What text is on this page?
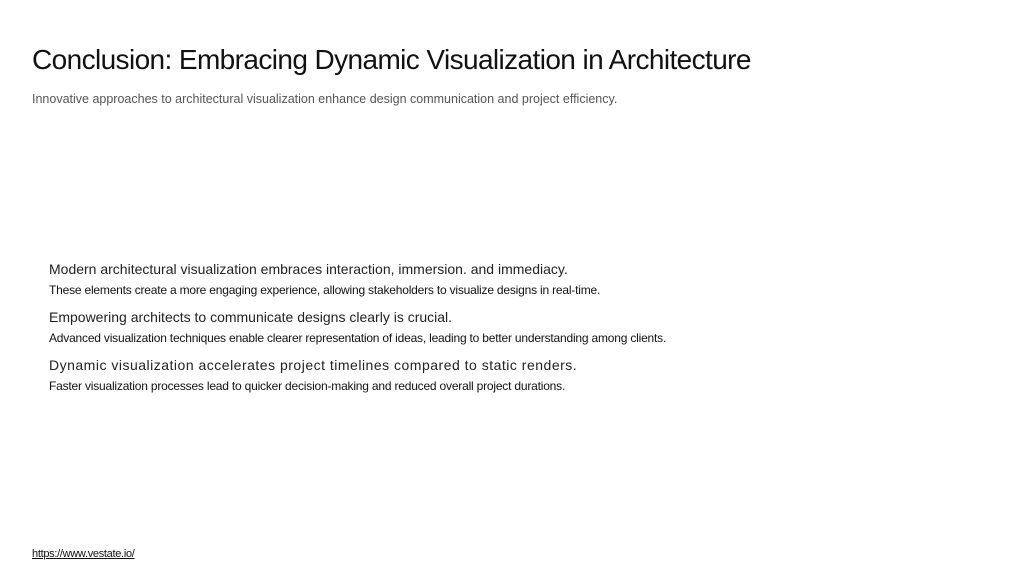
Conclusion: Embracing Dynamic Visualization in Architecture

Innovative approaches to architectural visualization enhance design communication and project efficiency.

Modern architectural visualization embraces interaction, immersion. and immediacy.
These elements create a more engaging experience, allowing stakeholders to visualize designs in real-time.
Empowering architects to communicate designs clearly is crucial.
Advanced visualization techniques enable clearer representation of ideas, leading to better understanding among clients.
Dynamic visualization accelerates project timelines compared to static renders.
Faster visualization processes lead to quicker decision-making and reduced overall project durations.
https://www.vestate.io/
